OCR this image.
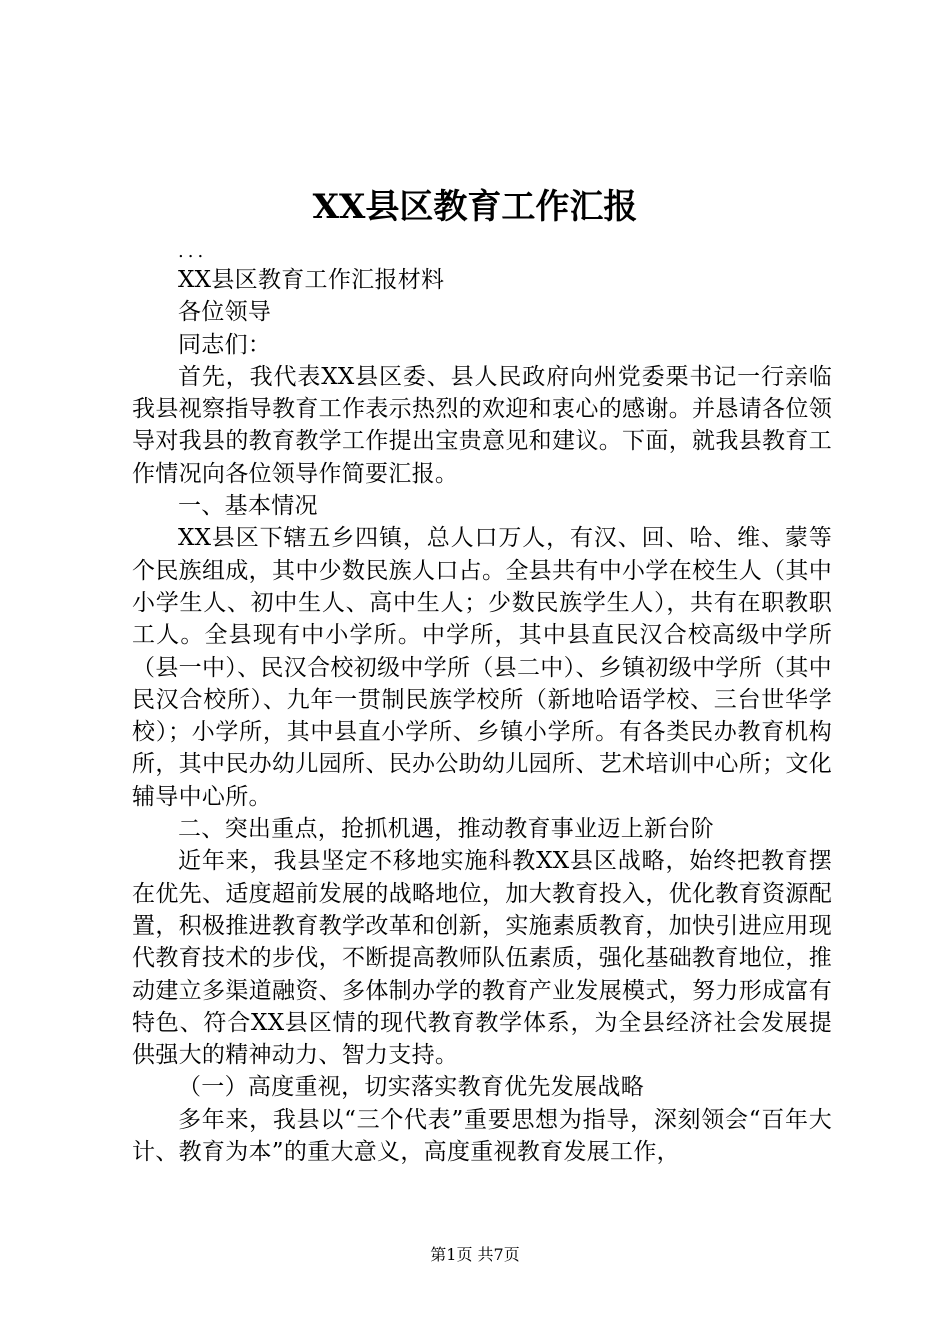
XX县区教育工作汇报

...

XX县区教育工作汇报材料

各位领导

同志们：

首先，我代表XX县区委、县人民政府向州党委栗书记一行亲临我县视察指导教育工作表示热烈的欢迎和衷心的感谢。并恳请各位领导对我县的教育教学工作提出宝贵意见和建议。下面，就我县教育工作情况向各位领导作简要汇报。

一、基本情况

XX县区下辖五乡四镇，总人口万人，有汉、回、哈、维、蒙等个民族组成，其中少数民族人口占。全县共有中小学在校生人（其中小学生人、初中生人、高中生人；少数民族学生人），共有在职教职工人。全县现有中小学所。中学所，其中县直民汉合校高级中学所（县一中）、民汉合校初级中学所（县二中）、乡镇初级中学所（其中民汉合校所）、九年一贯制民族学校所（新地哈语学校、三台世华学校）；小学所，其中县直小学所、乡镇小学所。有各类民办教育机构所，其中民办幼儿园所、民办公助幼儿园所、艺术培训中心所；文化辅导中心所。

二、突出重点，抢抓机遇，推动教育事业迈上新台阶

近年来，我县坚定不移地实施科教XX县区战略，始终把教育摆在优先、适度超前发展的战略地位，加大教育投入，优化教育资源配置，积极推进教育教学改革和创新，实施素质教育，加快引进应用现代教育技术的步伐，不断提高教师队伍素质，强化基础教育地位，推动建立多渠道融资、多体制办学的教育产业发展模式，努力形成富有特色、符合XX县区情的现代教育教学体系，为全县经济社会发展提供强大的精神动力、智力支持。

（一）高度重视，切实落实教育优先发展战略

多年来，我县以“三个代表”重要思想为指导，深刻领会“百年大计、教育为本”的重大意义，高度重视教育发展工作，

第1页 共7页
